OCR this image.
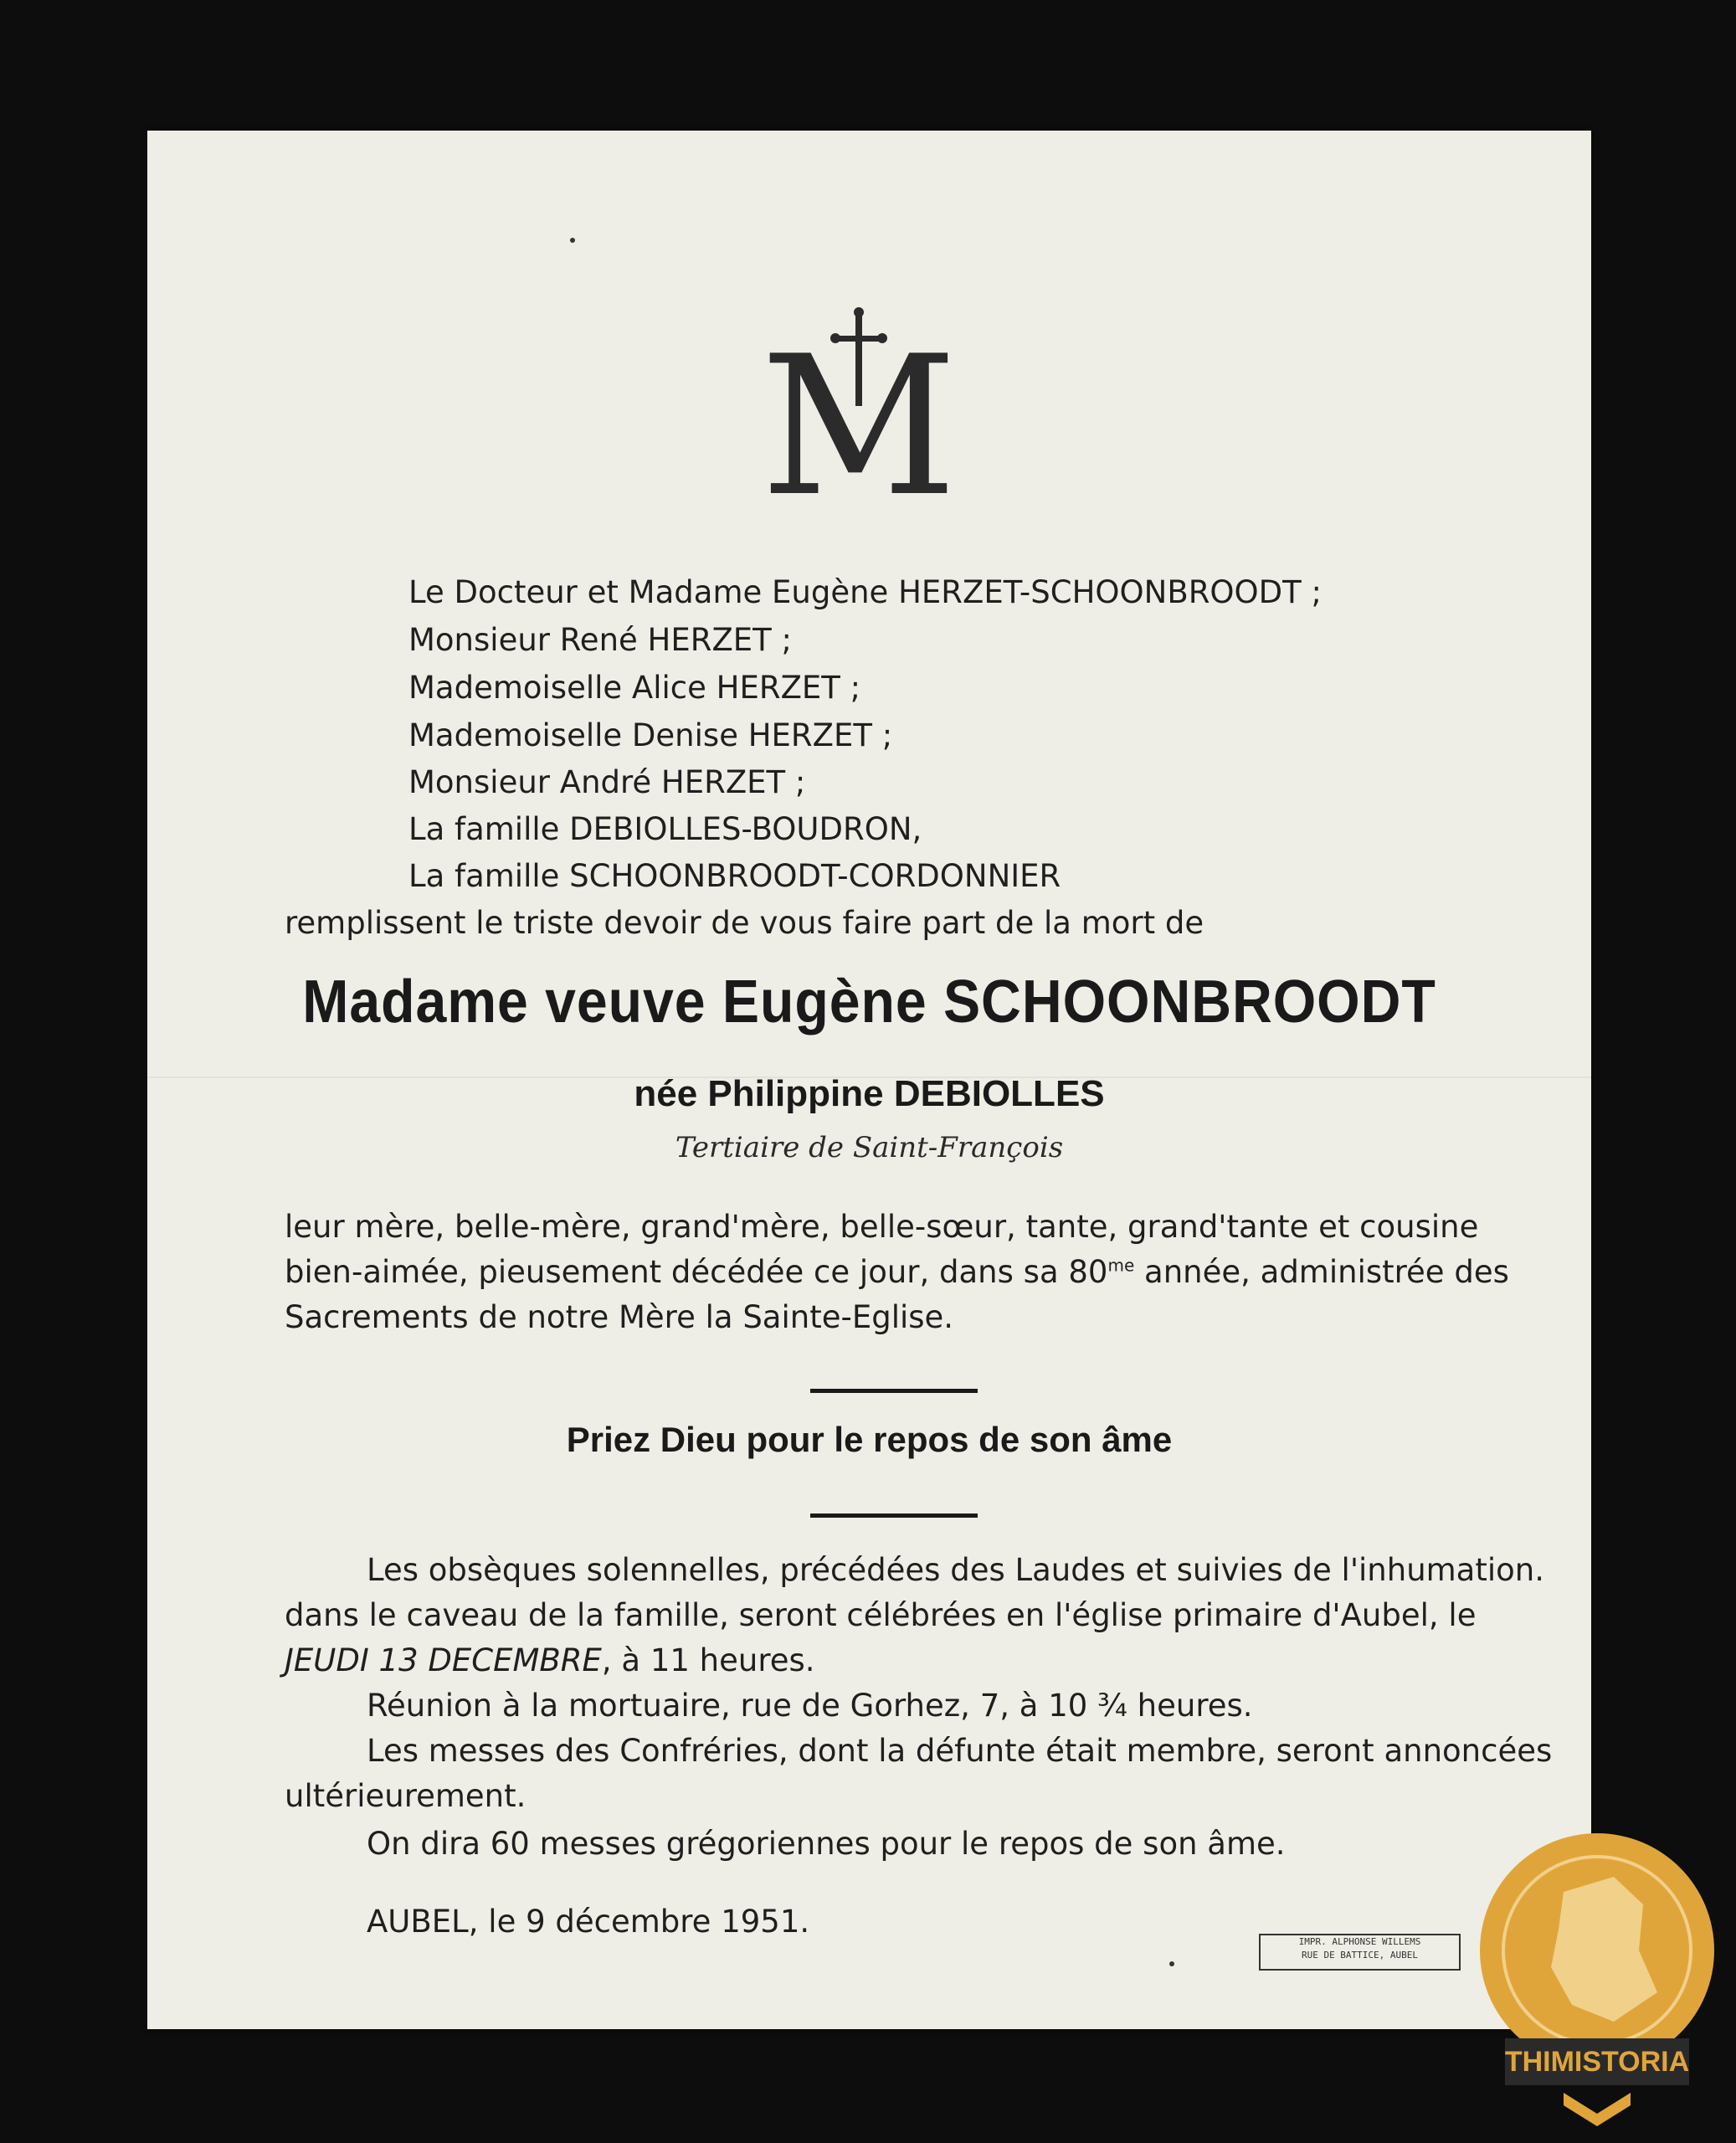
M
Le Docteur et Madame Eugène HERZET-SCHOONBROODT ;
Monsieur René HERZET ;
Mademoiselle Alice HERZET ;
Mademoiselle Denise HERZET ;
Monsieur André HERZET ;
La famille DEBIOLLES-BOUDRON,
La famille SCHOONBROODT-CORDONNIER
remplissent le triste devoir de vous faire part de la mort de
Madame veuve Eugène SCHOONBROODT
née Philippine DEBIOLLES
Tertiaire de Saint-François
leur mère, belle-mère, grand'mère, belle-sœur, tante, grand'tante et cousine
bien-aimée, pieusement décédée ce jour, dans sa $80^{me}$ année, administrée des
Sacrements de notre Mère la Sainte-Eglise.
Priez Dieu pour le repos de son âme
Les obsèques solennelles, précédées des Laudes et suivies de l'inhumation.
dans le caveau de la famille, seront célébrées en l'église primaire d'Aubel, le
JEUDI 13 DECEMBRE, à 11 heures.
Réunion à la mortuaire, rue de Gorhez, 7, à 10 ¾ heures.
Les messes des Confréries, dont la défunte était membre, seront annoncées
ultérieurement.
On dira 60 messes grégoriennes pour le repos de son âme.
AUBEL, le 9 décembre 1951.
IMPR. ALPHONSE WILLEMS
RUE DE BATTICE, AUBEL
THIMISTORIA
